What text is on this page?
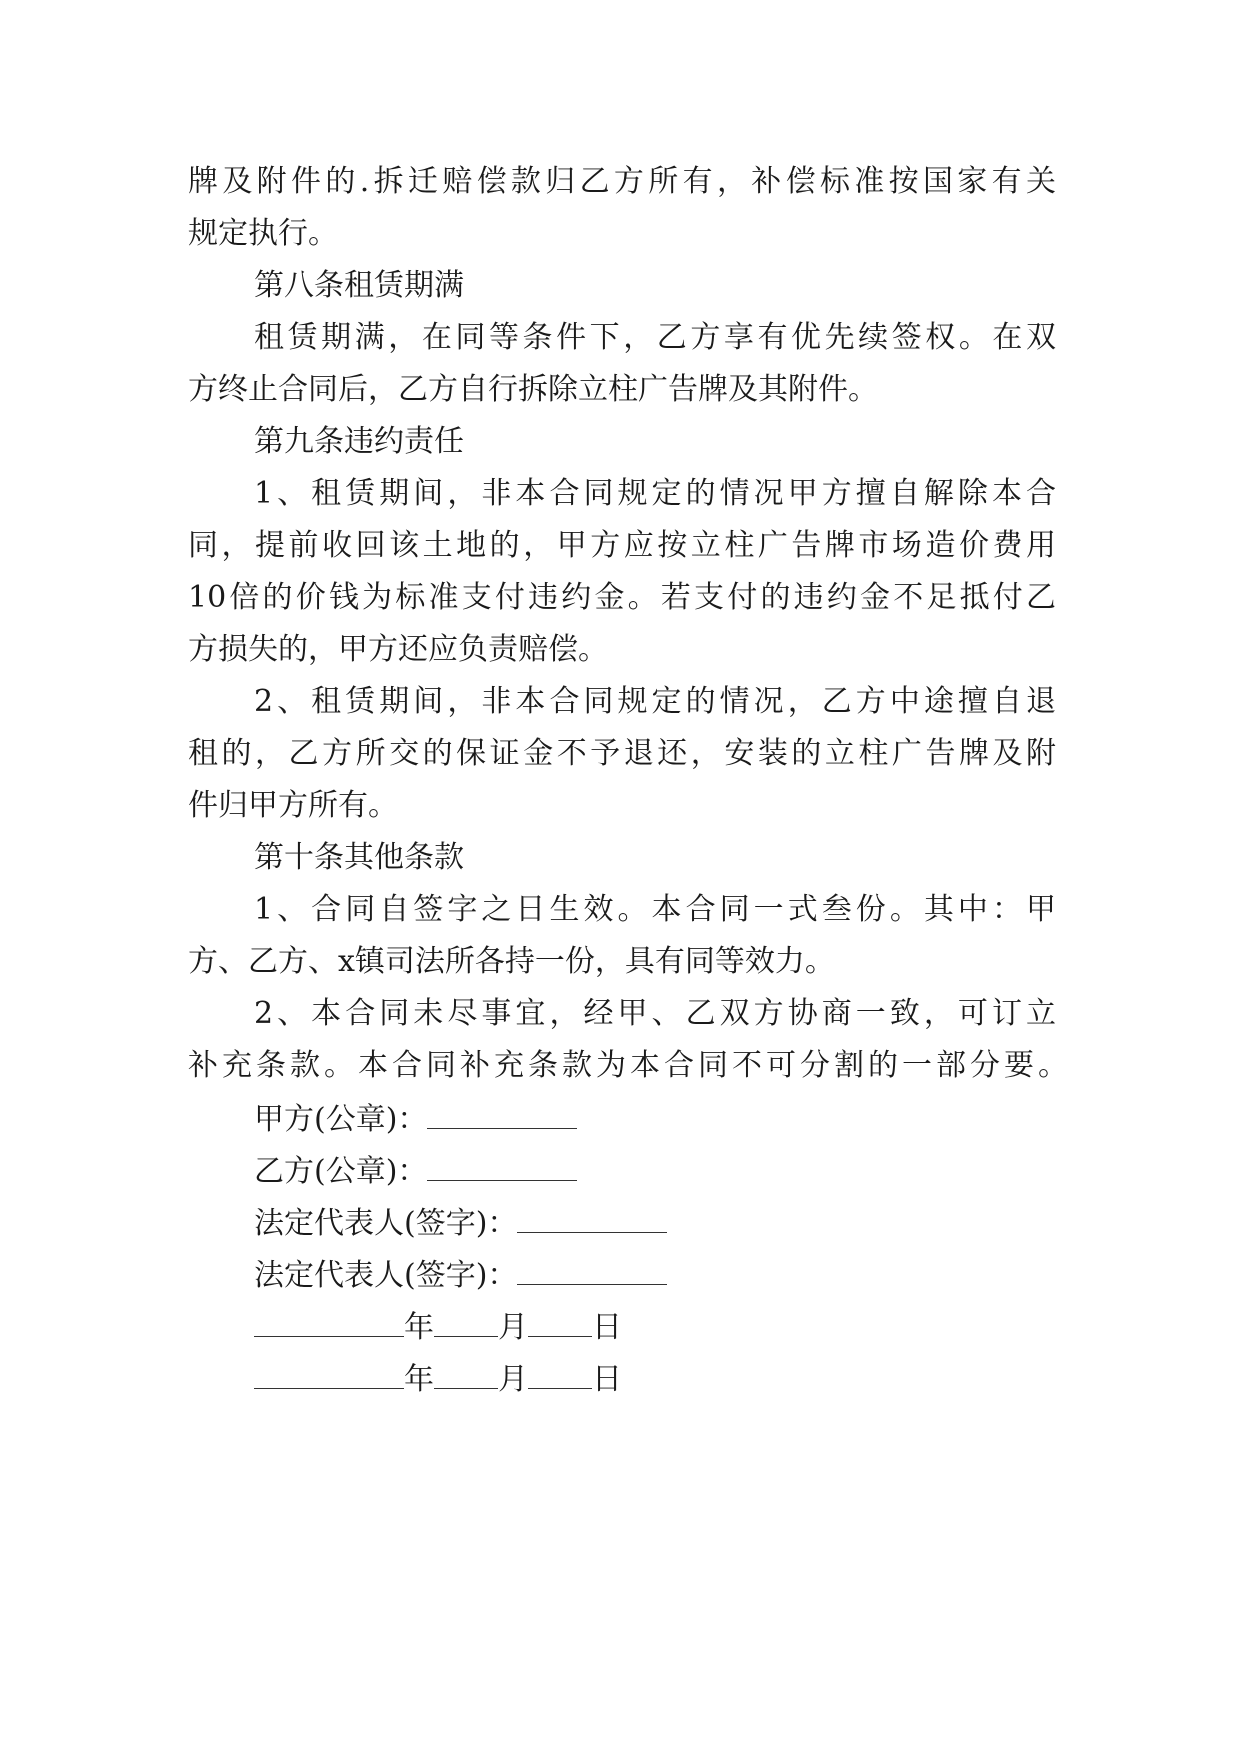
牌及附件的.拆迁赔偿款归乙方所有，补偿标准按国家有关
规定执行。
第八条租赁期满
租赁期满，在同等条件下，乙方享有优先续签权。在双
方终止合同后，乙方自行拆除立柱广告牌及其附件。
第九条违约责任
1、租赁期间，非本合同规定的情况甲方擅自解除本合
同，提前收回该土地的，甲方应按立柱广告牌市场造价费用
10倍的价钱为标准支付违约金。若支付的违约金不足抵付乙
方损失的，甲方还应负责赔偿。
2、租赁期间，非本合同规定的情况，乙方中途擅自退
租的，乙方所交的保证金不予退还，安装的立柱广告牌及附
件归甲方所有。
第十条其他条款
1、合同自签字之日生效。本合同一式叁份。其中：甲
方、乙方、x镇司法所各持一份，具有同等效力。
2、本合同未尽事宜，经甲、乙双方协商一致，可订立
补充条款。本合同补充条款为本合同不可分割的一部分要。
甲方(公章)：
乙方(公章)：
法定代表人(签字)：
法定代表人(签字)：
年 月 日
年 月 日
